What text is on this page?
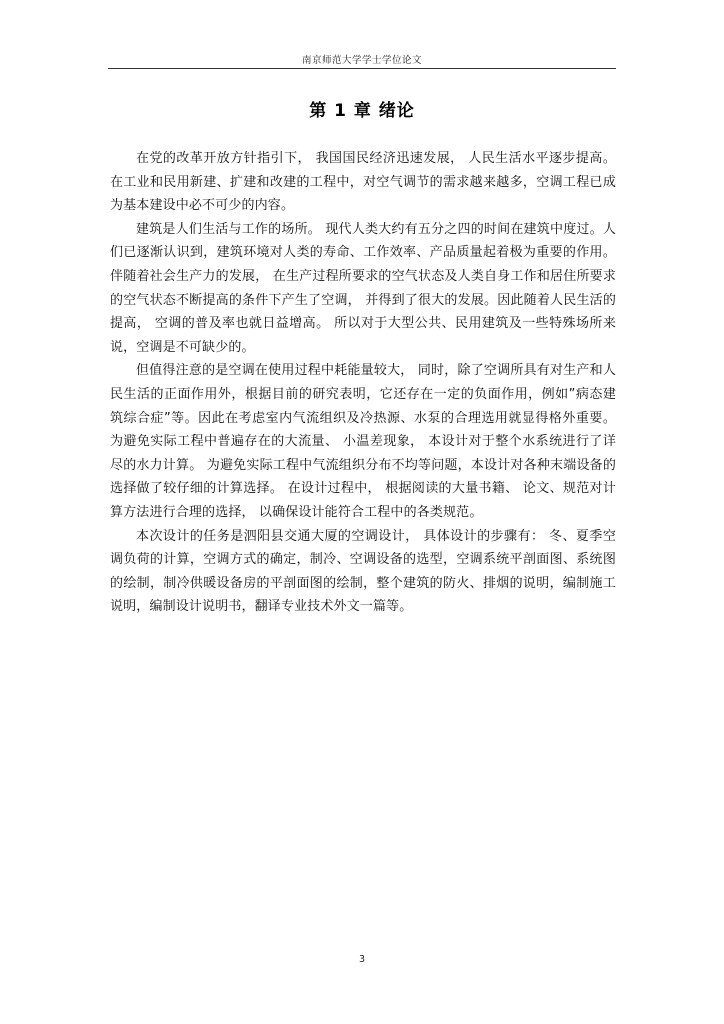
南京师范大学学士学位论文
第 1 章 绪论

在党的改革开放方针指引下， 我国国民经济迅速发展， 人民生活水平逐步提高。在工业和民用新建、扩建和改建的工程中，对空气调节的需求越来越多，空调工程已成为基本建设中必不可少的内容。

建筑是人们生活与工作的场所。 现代人类大约有五分之四的时间在建筑中度过。人们已逐渐认识到，建筑环境对人类的寿命、工作效率、产品质量起着极为重要的作用。 伴随着社会生产力的发展， 在生产过程所要求的空气状态及人类自身工作和居住所要求的空气状态不断提高的条件下产生了空调， 并得到了很大的发展。因此随着人民生活的提高， 空调的普及率也就日益增高。 所以对于大型公共、民用建筑及一些特殊场所来说，空调是不可缺少的。

但值得注意的是空调在使用过程中耗能量较大， 同时，除了空调所具有对生产和人民生活的正面作用外，根据目前的研究表明，它还存在一定的负面作用，例如”病态建筑综合症”等。因此在考虑室内气流组织及冷热源、水泵的合理选用就显得格外重要。 为避免实际工程中普遍存在的大流量、 小温差现象， 本设计对于整个水系统进行了详尽的水力计算。 为避免实际工程中气流组织分布不均等问题，本设计对各种末端设备的选择做了较仔细的计算选择。 在设计过程中， 根据阅读的大量书籍、 论文、规范对计算方法进行合理的选择， 以确保设计能符合工程中的各类规范。

本次设计的任务是泗阳县交通大厦的空调设计， 具体设计的步骤有： 冬、夏季空调负荷的计算，空调方式的确定，制冷、空调设备的选型，空调系统平剖面图、系统图的绘制，制冷供暖设备房的平剖面图的绘制，整个建筑的防火、排烟的说明，编制施工说明，编制设计说明书，翻译专业技术外文一篇等。

3
